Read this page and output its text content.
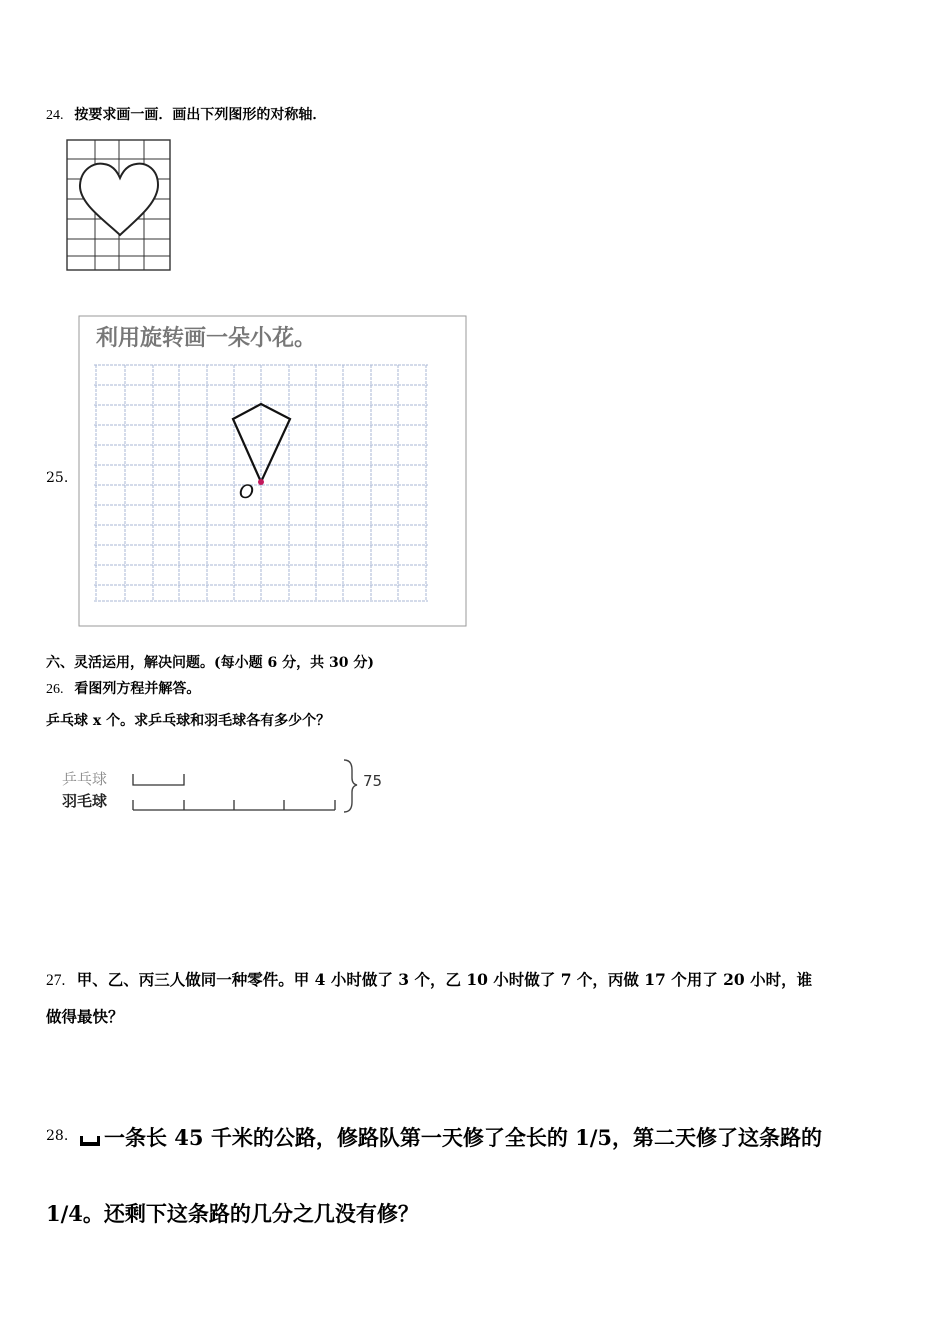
24. 按要求画一画．画出下列图形的对称轴．
25.
利用旋转画一朵小花。
O
六、灵活运用，解决问题。(每小题 6 分，共 30 分)
26. 看图列方程并解答。
乒乓球 x 个。求乒乓球和羽毛球各有多少个？
乒乓球
羽毛球
75
27. 甲、乙、丙三人做同一种零件。甲 4 小时做了 3 个，乙 10 小时做了 7 个，丙做 17 个用了 20 小时，谁
做得最快？
28. 一条长 45 千米的公路，修路队第一天修了全长的 1/5，第二天修了这条路的
1/4。还剩下这条路的几分之几没有修？
